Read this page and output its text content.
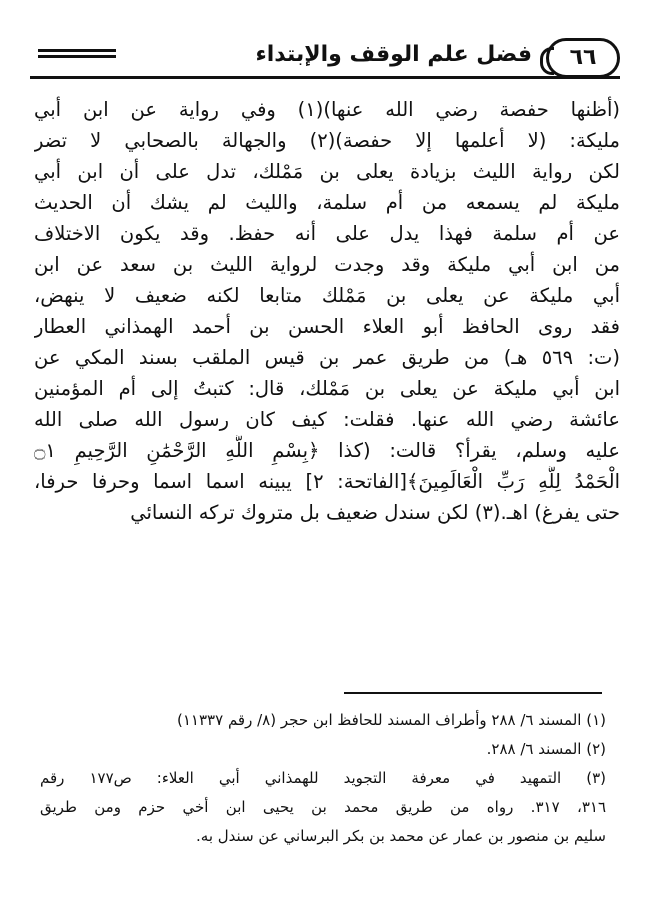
فضل علم الوقف والإبتداء	٦٦
(أظنها حفصة رضي الله عنها)(١) وفي رواية عن ابن أبي
مليكة: (لا أعلمها إلا حفصة)(٢) والجهالة بالصحابي لا تضر
لكن رواية الليث بزيادة يعلى بن مَمْلك، تدل على أن ابن أبي
مليكة لم يسمعه من أم سلمة، والليث لم يشك أن الحديث
عن أم سلمة فهذا يدل على أنه حفظ. وقد يكون الاختلاف
من ابن أبي مليكة وقد وجدت لرواية الليث بن سعد عن ابن
أبي مليكة عن يعلى بن مَمْلك متابعا لكنه ضعيف لا ينهض،
فقد روى الحافظ أبو العلاء الحسن بن أحمد الهمذاني العطار
(ت: ٥٦٩ هـ) من طريق عمر بن قيس الملقب بسند المكي عن
ابن أبي مليكة عن يعلى بن مَمْلك، قال: كتبتُ إلى أم المؤمنين
عائشة رضي الله عنها. فقلت: كيف كان رسول الله صلى الله
عليه وسلم، يقرأ؟ قالت: (كذا ﴿بِسْمِ اللَّهِ الرَّحْمَٰنِ الرَّحِيمِ ۝١
الْحَمْدُ لِلَّهِ رَبِّ الْعَالَمِينَ﴾[الفاتحة: ٢] يبينه اسما اسما وحرفا حرفا،
حتى يفرغ) اهـ.(٣) لكن سندل ضعيف بل متروك تركه النسائي
(١) المسند ٦/ ٢٨٨ وأطراف المسند للحافظ ابن حجر (٨/ رقم ١١٣٣٧)
(٢) المسند ٦/ ٢٨٨.
(٣) التمهيد في معرفة التجويد للهمذاني أبي العلاء: ص١٧٧ رقم
٣١٦، ٣١٧. رواه من طريق محمد بن يحيى ابن أخي حزم ومن طريق
سليم بن منصور بن عمار عن محمد بن بكر البرساني عن سندل به.
